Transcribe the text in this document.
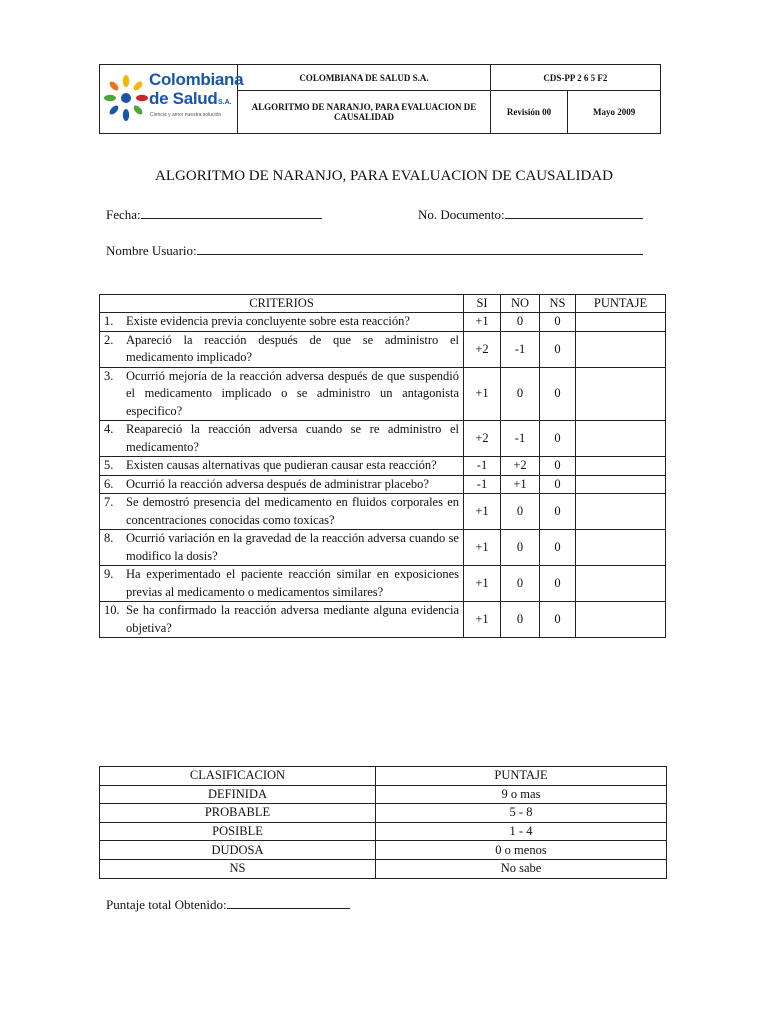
Colombiana
de Salud S.A.
Ciencia y amor nuestra solución	COLOMBIANA DE SALUD S.A.	CDS-PP 2 6 5 F2	
	ALGORITMO DE NARANJO, PARA EVALUACION DE CAUSALIDAD	Revisión 00	Mayo 2009
ALGORITMO DE NARANJO, PARA EVALUACION DE CAUSALIDAD
Fecha:	No. Documento:
Nombre Usuario:
CRITERIOS	SI	NO	NS	PUNTAJE

1. Existe evidencia previa concluyente sobre esta reacción?	+1	0	0	

2. Apareció la reacción después de que se administro el medicamento implicado?	+2	-1	0	

3. Ocurrió mejoría de la reacción adversa después de que suspendió el medicamento implicado o se administro un antagonista especifico?	+1	0	0	

4. Reapareció la reacción adversa cuando se re administro el medicamento?	+2	-1	0	

5. Existen causas alternativas que pudieran causar esta reacción?	-1	+2	0	

6. Ocurrió la reacción adversa después de administrar placebo?	-1	+1	0	

7. Se demostró presencia del medicamento en fluidos corporales en concentraciones conocidas como toxicas?	+1	0	0	

8. Ocurrió variación en la gravedad de la reacción adversa cuando se modifico la dosis?	+1	0	0	

9. Ha experimentado el paciente reacción similar en exposiciones previas al medicamento o medicamentos similares?	+1	0	0	

10. Se ha confirmado la reacción adversa mediante alguna evidencia objetiva?	+1	0	0	
CLASIFICACION	PUNTAJE
DEFINIDA	9 o mas
PROBABLE	5 - 8
POSIBLE	1 - 4
DUDOSA	0 o menos
NS	No sabe
Puntaje total Obtenido:
